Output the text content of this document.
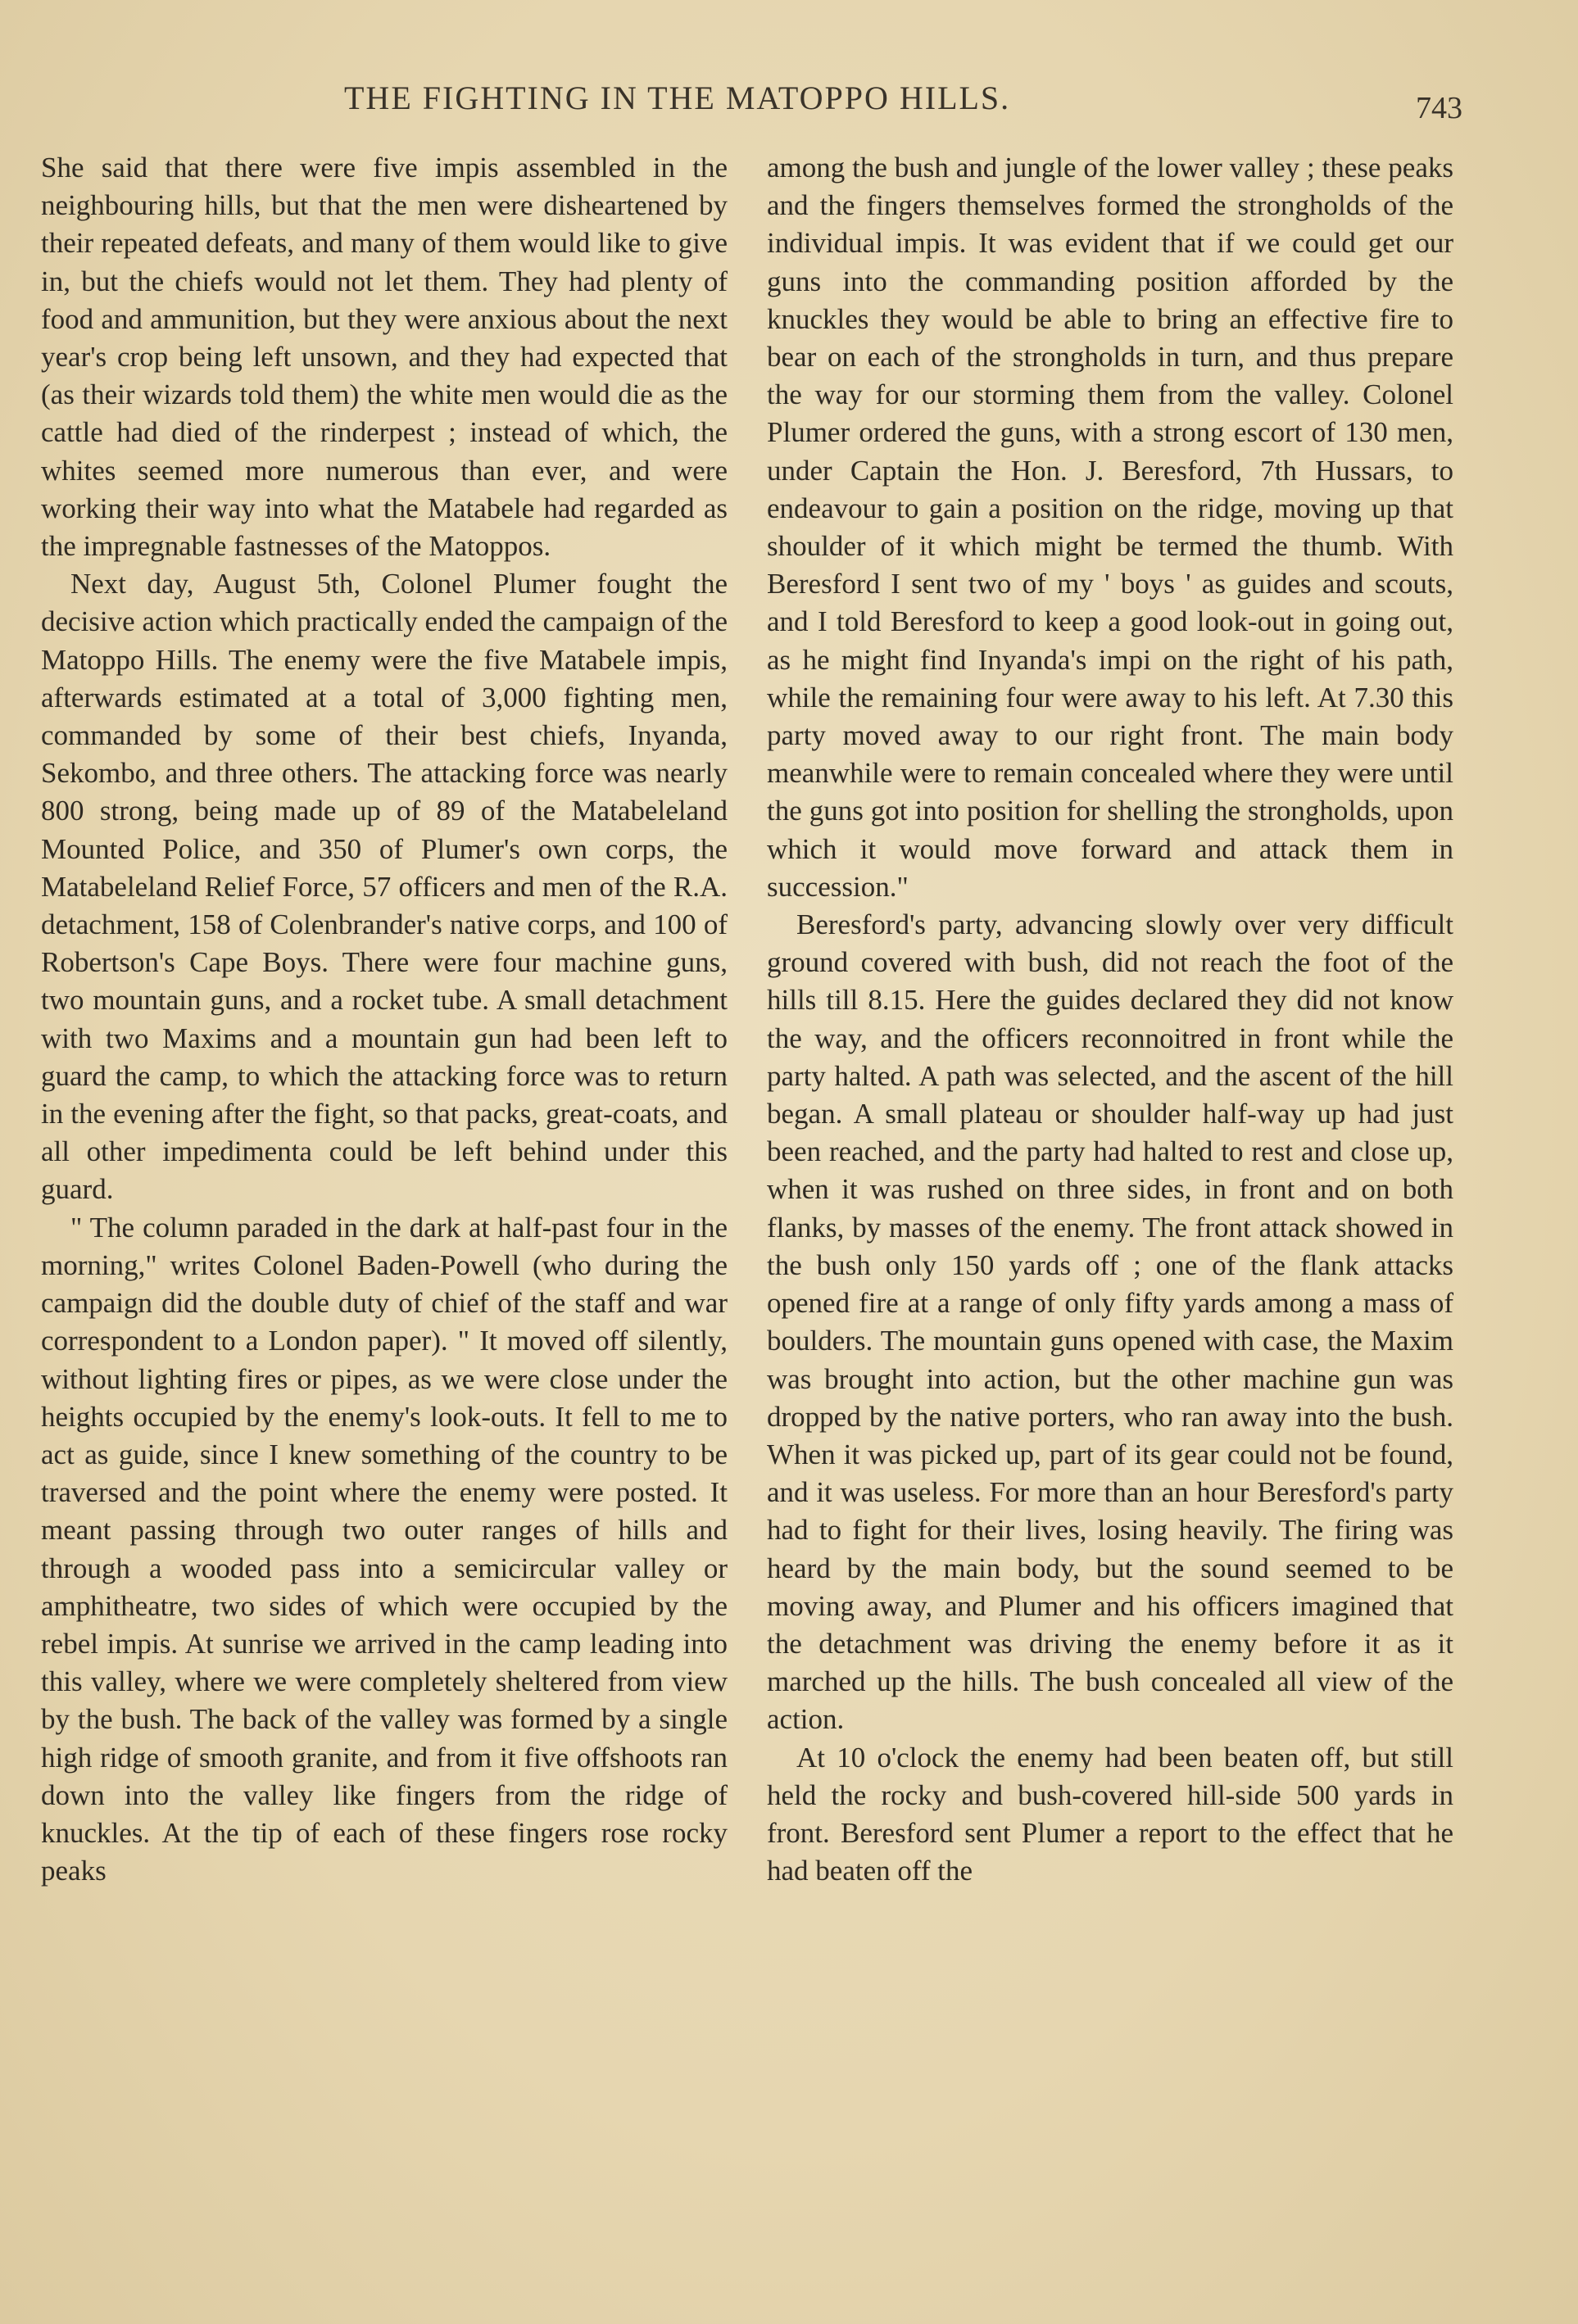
THE FIGHTING IN THE MATOPPO HILLS.	743

She said that there were five impis assembled in the neighbouring hills, but that the men were disheartened by their repeated defeats, and many of them would like to give in, but the chiefs would not let them. They had plenty of food and ammunition, but they were anxious about the next year's crop being left unsown, and they had expected that (as their wizards told them) the white men would die as the cattle had died of the rinderpest ; instead of which, the whites seemed more numerous than ever, and were working their way into what the Matabele had regarded as the impregnable fastnesses of the Matoppos.

Next day, August 5th, Colonel Plumer fought the decisive action which practically ended the campaign of the Matoppo Hills. The enemy were the five Matabele impis, afterwards estimated at a total of 3,000 fighting men, commanded by some of their best chiefs, Inyanda, Sekombo, and three others. The attacking force was nearly 800 strong, being made up of 89 of the Matabeleland Mounted Police, and 350 of Plumer's own corps, the Matabeleland Relief Force, 57 officers and men of the R.A. detachment, 158 of Colenbrander's native corps, and 100 of Robertson's Cape Boys. There were four machine guns, two mountain guns, and a rocket tube. A small detachment with two Maxims and a mountain gun had been left to guard the camp, to which the attacking force was to return in the evening after the fight, so that packs, great-coats, and all other impedimenta could be left behind under this guard.

" The column paraded in the dark at half-past four in the morning," writes Colonel Baden-Powell (who during the campaign did the double duty of chief of the staff and war correspondent to a London paper). " It moved off silently, without lighting fires or pipes, as we were close under the heights occupied by the enemy's look-outs. It fell to me to act as guide, since I knew something of the country to be traversed and the point where the enemy were posted. It meant passing through two outer ranges of hills and through a wooded pass into a semicircular valley or amphitheatre, two sides of which were occupied by the rebel impis. At sunrise we arrived in the camp leading into this valley, where we were completely sheltered from view by the bush. The back of the valley was formed by a single high ridge of smooth granite, and from it five offshoots ran down into the valley like fingers from the ridge of knuckles. At the tip of each of these fingers rose rocky peaks

among the bush and jungle of the lower valley ; these peaks and the fingers themselves formed the strongholds of the individual impis. It was evident that if we could get our guns into the commanding position afforded by the knuckles they would be able to bring an effective fire to bear on each of the strongholds in turn, and thus prepare the way for our storming them from the valley. Colonel Plumer ordered the guns, with a strong escort of 130 men, under Captain the Hon. J. Beresford, 7th Hussars, to endeavour to gain a position on the ridge, moving up that shoulder of it which might be termed the thumb. With Beresford I sent two of my ' boys ' as guides and scouts, and I told Beresford to keep a good look-out in going out, as he might find Inyanda's impi on the right of his path, while the remaining four were away to his left. At 7.30 this party moved away to our right front. The main body meanwhile were to remain concealed where they were until the guns got into position for shelling the strongholds, upon which it would move forward and attack them in succession."

Beresford's party, advancing slowly over very difficult ground covered with bush, did not reach the foot of the hills till 8.15. Here the guides declared they did not know the way, and the officers reconnoitred in front while the party halted. A path was selected, and the ascent of the hill began. A small plateau or shoulder half-way up had just been reached, and the party had halted to rest and close up, when it was rushed on three sides, in front and on both flanks, by masses of the enemy. The front attack showed in the bush only 150 yards off ; one of the flank attacks opened fire at a range of only fifty yards among a mass of boulders. The mountain guns opened with case, the Maxim was brought into action, but the other machine gun was dropped by the native porters, who ran away into the bush. When it was picked up, part of its gear could not be found, and it was useless. For more than an hour Beresford's party had to fight for their lives, losing heavily. The firing was heard by the main body, but the sound seemed to be moving away, and Plumer and his officers imagined that the detachment was driving the enemy before it as it marched up the hills. The bush concealed all view of the action.

At 10 o'clock the enemy had been beaten off, but still held the rocky and bush-covered hill-side 500 yards in front. Beresford sent Plumer a report to the effect that he had beaten off the
